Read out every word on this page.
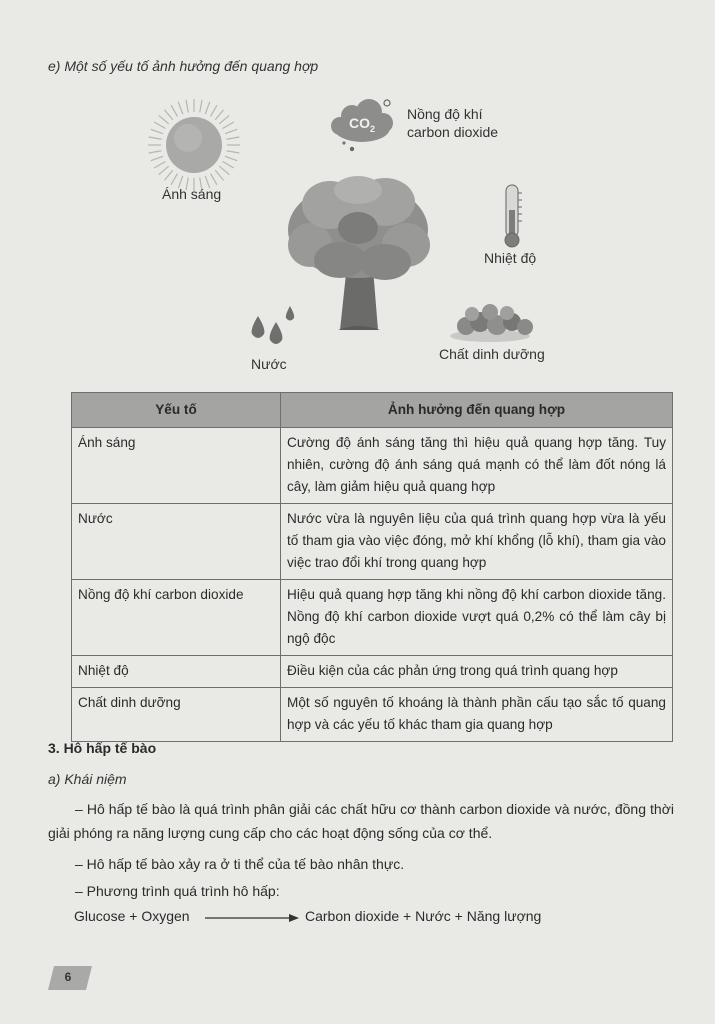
e) Một số yếu tố ảnh hưởng đến quang hợp
Ánh sáng
Nồng độ khí
carbon dioxide
$CO_2$
Nhiệt độ
Nước
Chất dinh dưỡng
Yếu tố	Ảnh hưởng đến quang hợp
Ánh sáng	Cường độ ánh sáng tăng thì hiệu quả quang hợp tăng. Tuy nhiên, cường độ ánh sáng quá mạnh có thể làm đốt nóng lá cây, làm giảm hiệu quả quang hợp
Nước	Nước vừa là nguyên liệu của quá trình quang hợp vừa là yếu tố tham gia vào việc đóng, mở khí khổng (lỗ khí), tham gia vào việc trao đổi khí trong quang hợp
Nồng độ khí carbon dioxide	Hiệu quả quang hợp tăng khi nồng độ khí carbon dioxide tăng. Nồng độ khí carbon dioxide vượt quá 0,2% có thể làm cây bị ngộ độc
Nhiệt độ	Điều kiện của các phản ứng trong quá trình quang hợp
Chất dinh dưỡng	Một số nguyên tố khoáng là thành phần cấu tạo sắc tố quang hợp và các yếu tố khác tham gia quang hợp
3. Hô hấp tế bào
a) Khái niệm
– Hô hấp tế bào là quá trình phân giải các chất hữu cơ thành carbon dioxide và nước, đồng thời giải phóng ra năng lượng cung cấp cho các hoạt động sống của cơ thể.
– Hô hấp tế bào xảy ra ở ti thể của tế bào nhân thực.
– Phương trình quá trình hô hấp:
Glucose + Oxygen	Carbon dioxide + Nước + Năng lượng
6
